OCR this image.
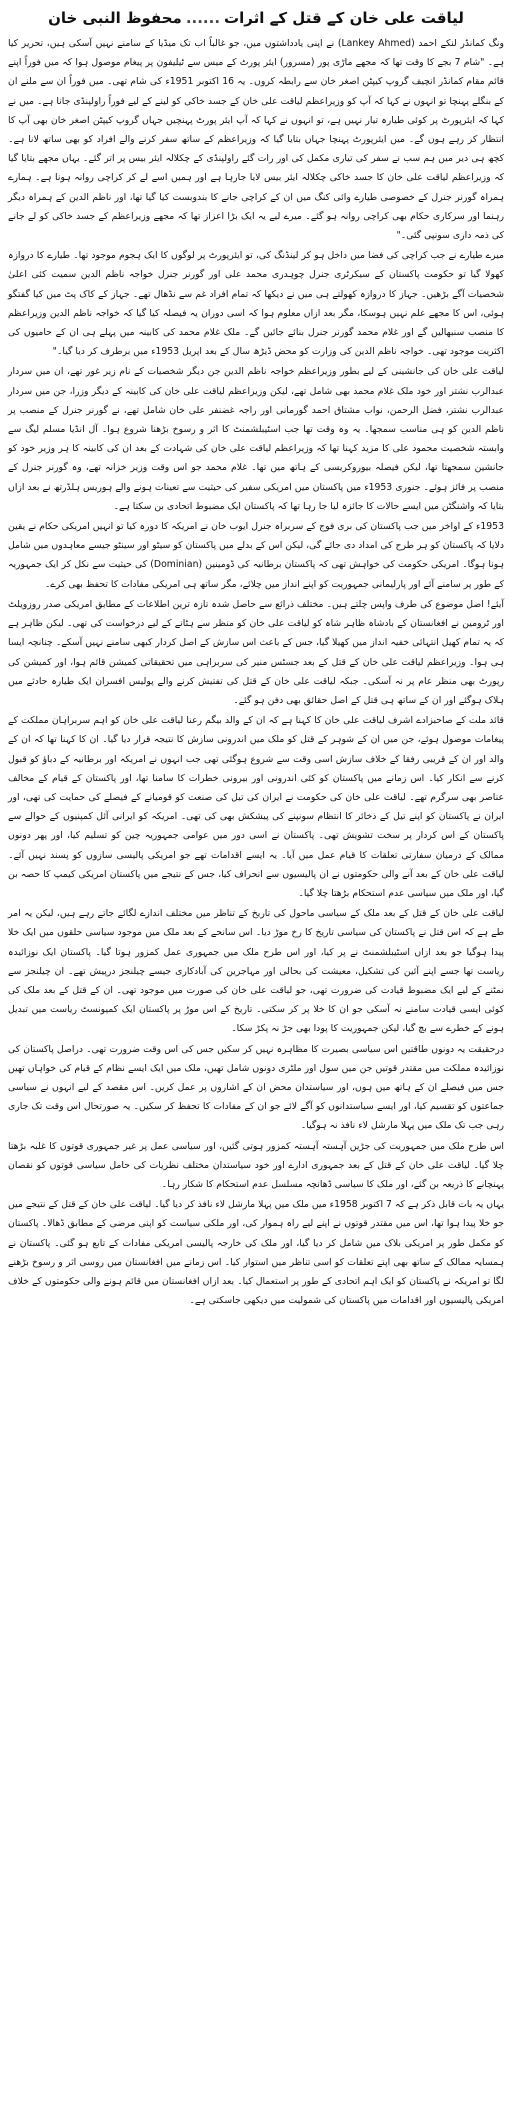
لیاقت علی خان کے قتل کے اثرات......محفوظ النبی خان

ونگ کمانڈر لنکے احمد (Lankey Ahmed) نے اپنی یادداشتوں میں، جو غالباً اب تک میڈیا کے سامنے نہیں آسکی ہیں، تحریر کیا ہے۔ "شام 7 بجے کا وقت تھا کہ مجھے ماڑی پور (مسرور) ایئر پورٹ کے میس سے ٹیلیفون پر پیغام موصول ہوا کہ میں فوراً اپنے قائم مقام کمانڈر انچیف گروپ کیپٹن اصغر خان سے رابطہ کروں۔ یہ 16 اکتوبر 1951ء کی شام تھی۔ میں فوراً ان سے ملنے ان کے بنگلے پہنچا تو انہوں نے کہا کہ آپ کو وزیراعظم لیاقت علی خان کے جسد خاکی کو لینے کے لیے فوراً راولپنڈی جانا ہے۔ میں نے کہا کہ ایئرپورٹ پر کوئی طیارہ تیار نہیں ہے، تو انہوں نے کہا کہ آپ ایئر پورٹ پہنچیں جہاں گروپ کیپٹن اصغر خان بھی آپ کا انتظار کر رہے ہوں گے۔ میں ایئرپورٹ پہنچا جہاں بتایا گیا کہ وزیراعظم کے ساتھ سفر کرنے والے افراد کو بھی ساتھ لانا ہے۔ کچھ ہی دیر میں ہم سب نے سفر کی تیاری مکمل کی اور رات گئے راولپنڈی کے چکلالہ ایئر بیس پر اتر گئے۔ یہاں مجھے بتایا گیا کہ وزیراعظم لیاقت علی خان کا جسد خاکی چکلالہ ایئر بیس لایا جارہا ہے اور ہمیں اسے لے کر کراچی روانہ ہونا ہے۔ ہمارے ہمراہ گورنر جنرل کے خصوصی طیارے وائی کنگ میں ان کے کراچی جانے کا بندوبست کیا گیا تھا، اور ناظم الدین کے ہمراہ دیگر رہنما اور سرکاری حکام بھی کراچی روانہ ہو گئے۔ میرے لیے یہ ایک بڑا اعزاز تھا کہ مجھے وزیراعظم کے جسد خاکی کو لے جانے کی ذمہ داری سونپی گئی۔"

میرے طیارے نے جب کراچی کی فضا میں داخل ہو کر لینڈنگ کی، تو ایئرپورٹ پر لوگوں کا ایک ہجوم موجود تھا۔ طیارے کا دروازہ کھولا گیا تو حکومت پاکستان کے سیکرٹری جنرل چوہدری محمد علی اور گورنر جنرل خواجہ ناظم الدین سمیت کئی اعلیٰ شخصیات آگے بڑھیں۔ جہاز کا دروازہ کھولتے ہی میں نے دیکھا کہ تمام افراد غم سے نڈھال تھے۔ جہاز کے کاک پٹ میں کیا گفتگو ہوئی، اس کا مجھے علم نہیں ہوسکا، مگر بعد ازاں معلوم ہوا کہ اسی دوران یہ فیصلہ کیا گیا کہ خواجہ ناظم الدین وزیراعظم کا منصب سنبھالیں گے اور غلام محمد گورنر جنرل بنائے جائیں گے۔ ملک غلام محمد کی کابینہ میں پہلے ہی ان کے حامیوں کی اکثریت موجود تھی۔ خواجہ ناظم الدین کی وزارت کو محض ڈیڑھ سال کے بعد اپریل 1953ء میں برطرف کر دیا گیا۔"

لیاقت علی خان کی جانشینی کے لیے بطور وزیراعظم خواجہ ناظم الدین جن دیگر شخصیات کے نام زیر غور تھے، ان میں سردار عبدالرب نشتر اور خود ملک غلام محمد بھی شامل تھے، لیکن وزیراعظم لیاقت علی خان کی کابینہ کے دیگر وزرا، جن میں سردار عبدالرب نشتر، فضل الرحمن، نواب مشتاق احمد گورمانی اور راجہ غضنفر علی خان شامل تھے، نے گورنر جنرل کے منصب پر ناظم الدین کو ہی مناسب سمجھا۔ یہ وہ وقت تھا جب اسٹیبلشمنٹ کا اثر و رسوخ بڑھنا شروع ہوا۔ آل انڈیا مسلم لیگ سے وابستہ شخصیت محمود علی کا مزید کہنا تھا کہ وزیراعظم لیاقت علی خان کی شہادت کے بعد ان کی کابینہ کا ہر وزیر خود کو جانشین سمجھتا تھا، لیکن فیصلہ بیوروکریسی کے ہاتھ میں تھا۔ غلام محمد جو اس وقت وزیر خزانہ تھے، وہ گورنر جنرل کے منصب پر فائز ہوئے۔ جنوری 1953ء میں پاکستان میں امریکی سفیر کی حیثیت سے تعینات ہونے والے ہوریس ہلڈرتھ نے بعد ازاں بتایا کہ واشنگٹن میں ایسے حالات کا جائزہ لیا جا رہا تھا کہ پاکستان ایک مضبوط اتحادی بن سکتا ہے۔

1953ء کے اواخر میں جب پاکستان کی بری فوج کے سربراہ جنرل ایوب خان نے امریکہ کا دورہ کیا تو انہیں امریکی حکام نے یقین دلایا کہ پاکستان کو ہر طرح کی امداد دی جائے گی، لیکن اس کے بدلے میں پاکستان کو سیٹو اور سینٹو جیسے معاہدوں میں شامل ہونا ہوگا۔ امریکی حکومت کی خواہش تھی کہ پاکستان برطانیہ کی ڈومینین (Dominian) کی حیثیت سے نکل کر ایک جمہوریہ کے طور پر سامنے آئے اور پارلیمانی جمہوریت کو اپنے انداز میں چلائے، مگر ساتھ ہی امریکی مفادات کا تحفظ بھی کرے۔

آیئے! اصل موضوع کی طرف واپس چلتے ہیں۔ مختلف ذرائع سے حاصل شدہ تازہ ترین اطلاعات کے مطابق امریکی صدر روزویلٹ اور ٹرومین نے افغانستان کے بادشاہ ظاہر شاہ کو لیاقت علی خان کو منظر سے ہٹانے کے لیے درخواست کی تھی۔ لیکن ظاہر ہے کہ یہ تمام کھیل انتہائی خفیہ انداز میں کھیلا گیا، جس کے باعث اس سازش کے اصل کردار کبھی سامنے نہیں آسکے۔ چنانچہ ایسا ہی ہوا۔ وزیراعظم لیاقت علی خان کے قتل کے بعد جسٹس منیر کی سربراہی میں تحقیقاتی کمیشن قائم ہوا، اور کمیشن کی رپورٹ بھی منظر عام پر نہ آسکی۔ جبکہ لیاقت علی خان کے قتل کی تفتیش کرنے والے پولیس افسران ایک طیارہ حادثے میں ہلاک ہوگئے اور ان کے ساتھ ہی قتل کے اصل حقائق بھی دفن ہو گئے۔

قائد ملت کے صاحبزادے اشرف لیاقت علی خان کا کہنا ہے کہ ان کے والد بیگم رعنا لیاقت علی خان کو اہم سربراہان مملکت کے پیغامات موصول ہوئے، جن میں ان کے شوہر کے قتل کو ملک میں اندرونی سازش کا نتیجہ قرار دیا گیا۔ ان کا کہنا تھا کہ ان کے والد اور ان کے قریبی رفقا کے خلاف سازش اسی وقت سے شروع ہوگئی تھی جب انہوں نے امریکہ اور برطانیہ کے دباؤ کو قبول کرنے سے انکار کیا۔ اس زمانے میں پاکستان کو کئی اندرونی اور بیرونی خطرات کا سامنا تھا، اور پاکستان کے قیام کے مخالف عناصر بھی سرگرم تھے۔ لیاقت علی خان کی حکومت نے ایران کی تیل کی صنعت کو قومیانے کے فیصلے کی حمایت کی تھی، اور ایران نے پاکستان کو اپنے تیل کے ذخائر کا انتظام سونپنے کی پیشکش بھی کی تھی۔ امریکہ کو ایرانی آئل کمپنیوں کے حوالے سے پاکستان کے اس کردار پر سخت تشویش تھی۔ پاکستان نے اسی دور میں عوامی جمہوریہ چین کو تسلیم کیا، اور پھر دونوں ممالک کے درمیان سفارتی تعلقات کا قیام عمل میں آیا۔ یہ ایسے اقدامات تھے جو امریکی پالیسی سازوں کو پسند نہیں آئے۔ لیاقت علی خان کے بعد آنے والی حکومتوں نے ان پالیسیوں سے انحراف کیا، جس کے نتیجے میں پاکستان امریکی کیمپ کا حصہ بن گیا، اور ملک میں سیاسی عدم استحکام بڑھتا چلا گیا۔

لیاقت علی خان کے قتل کے بعد ملک کے سیاسی ماحول کی تاریخ کے تناظر میں مختلف اندازے لگائے جاتے رہے ہیں، لیکن یہ امر طے ہے کہ اس قتل نے پاکستان کی سیاسی تاریخ کا رخ موڑ دیا۔ اس سانحے کے بعد ملک میں موجود سیاسی حلقوں میں ایک خلا پیدا ہوگیا جو بعد ازاں اسٹیبلشمنٹ نے پر کیا، اور اس طرح ملک میں جمہوری عمل کمزور ہوتا گیا۔ پاکستان ایک نوزائیدہ ریاست تھا جسے اپنے آئین کی تشکیل، معیشت کی بحالی اور مہاجرین کی آبادکاری جیسے چیلنجز درپیش تھے۔ ان چیلنجز سے نمٹنے کے لیے ایک مضبوط قیادت کی ضرورت تھی، جو لیاقت علی خان کی صورت میں موجود تھی۔ ان کے قتل کے بعد ملک کی کوئی ایسی قیادت سامنے نہ آسکی جو ان کا خلا پر کر سکتی۔ تاریخ کے اس موڑ پر پاکستان ایک کمیونسٹ ریاست میں تبدیل ہونے کے خطرے سے بچ گیا، لیکن جمہوریت کا پودا بھی جڑ نہ پکڑ سکا۔

درحقیقت یہ دونوں طاقتیں اس سیاسی بصیرت کا مظاہرہ نہیں کر سکیں جس کی اس وقت ضرورت تھی۔ دراصل پاکستان کی نوزائیدہ مملکت میں مقتدر قوتیں جن میں سول اور ملٹری دونوں شامل تھیں، ملک میں ایک ایسے نظام کے قیام کی خواہاں تھیں جس میں فیصلے ان کے ہاتھ میں ہوں، اور سیاستدان محض ان کے اشاروں پر عمل کریں۔ اس مقصد کے لیے انہوں نے سیاسی جماعتوں کو تقسیم کیا، اور ایسے سیاستدانوں کو آگے لائے جو ان کے مفادات کا تحفظ کر سکیں۔ یہ صورتحال اس وقت تک جاری رہی جب تک ملک میں پہلا مارشل لاء نافذ نہ ہوگیا۔

اس طرح ملک میں جمہوریت کی جڑیں آہستہ آہستہ کمزور ہوتی گئیں، اور سیاسی عمل پر غیر جمہوری قوتوں کا غلبہ بڑھتا چلا گیا۔ لیاقت علی خان کے قتل کے بعد جمہوری ادارے اور خود سیاستدان مختلف نظریات کی حامل سیاسی قوتوں کو نقصان پہنچانے کا ذریعہ بن گئے، اور ملک کا سیاسی ڈھانچہ مسلسل عدم استحکام کا شکار رہا۔

یہاں یہ بات قابل ذکر ہے کہ 7 اکتوبر 1958ء میں ملک میں پہلا مارشل لاء نافذ کر دیا گیا۔ لیاقت علی خان کے قتل کے نتیجے میں جو خلا پیدا ہوا تھا، اس میں مقتدر قوتوں نے اپنے لیے راہ ہموار کی، اور ملکی سیاست کو اپنی مرضی کے مطابق ڈھالا۔ پاکستان کو مکمل طور پر امریکی بلاک میں شامل کر دیا گیا، اور ملک کی خارجہ پالیسی امریکی مفادات کے تابع ہو گئی۔ پاکستان نے ہمسایہ ممالک کے ساتھ بھی اپنے تعلقات کو اسی تناظر میں استوار کیا۔ اس زمانے میں افغانستان میں روسی اثر و رسوخ بڑھنے لگا تو امریکہ نے پاکستان کو ایک اہم اتحادی کے طور پر استعمال کیا۔ بعد ازاں افغانستان میں قائم ہونے والی حکومتوں کے خلاف امریکی پالیسیوں اور اقدامات میں پاکستان کی شمولیت میں دیکھی جاسکتی ہے۔
